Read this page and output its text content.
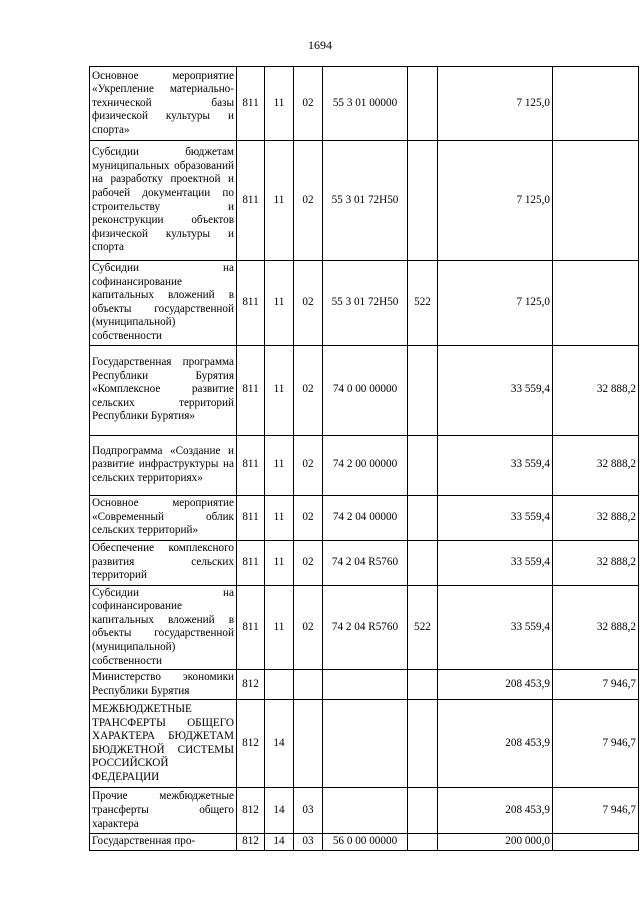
1694
Основное мероприятие «Укрепление материально-технической базы физической культуры и спорта»	811	11	02	55 3 01 00000		7 125,0	
Субсидии бюджетам муниципальных образований на разработку проектной и рабочей документации по строительству и реконструкции объектов физической культуры и спорта	811	11	02	55 3 01 72H50		7 125,0	
Субсидии на софинансирование капитальных вложений в объекты государственной (муниципальной) собственности	811	11	02	55 3 01 72H50	522	7 125,0	
Государственная программа Республики Бурятия «Комплексное развитие сельских территорий Республики Бурятия»	811	11	02	74 0 00 00000		33 559,4	32 888,2
Подпрограмма «Создание и развитие инфраструктуры на сельских территориях»	811	11	02	74 2 00 00000		33 559,4	32 888,2
Основное мероприятие «Современный облик сельских территорий»	811	11	02	74 2 04 00000		33 559,4	32 888,2
Обеспечение комплексного развития сельских территорий	811	11	02	74 2 04 R5760		33 559,4	32 888,2
Субсидии на софинансирование капитальных вложений в объекты государственной (муниципальной) собственности	811	11	02	74 2 04 R5760	522	33 559,4	32 888,2
Министерство экономики Республики Бурятия	812					208 453,9	7 946,7
МЕЖБЮДЖЕТНЫЕ ТРАНСФЕРТЫ ОБЩЕГО ХАРАКТЕРА БЮДЖЕТАМ БЮДЖЕТНОЙ СИСТЕМЫ РОССИЙСКОЙ ФЕДЕРАЦИИ	812	14				208 453,9	7 946,7
Прочие межбюджетные трансферты общего характера	812	14	03			208 453,9	7 946,7
Государственная про-	812	14	03	56 0 00 00000		200 000,0	
